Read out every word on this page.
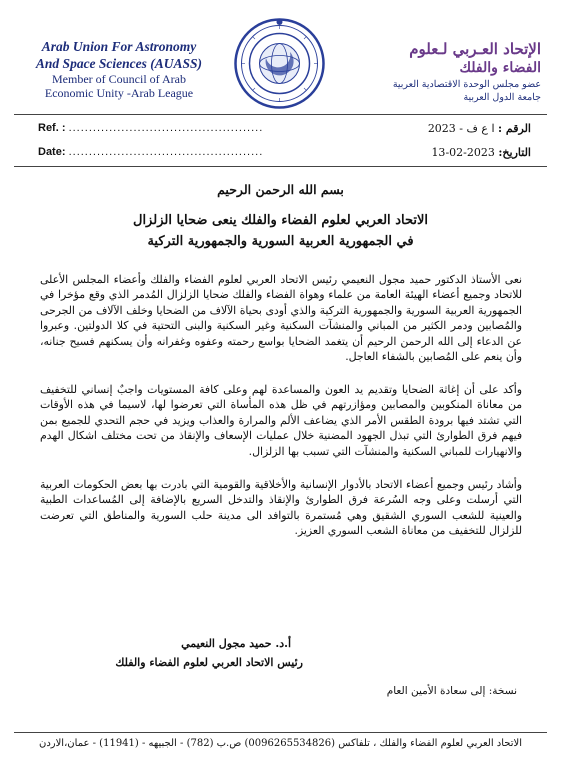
Arab Union For Astronomy
And Space Sciences (AUASS)
Member of Council of Arab
Economic Unity -Arab League
الإتحاد العـربي لـعلوم
الفضاء والفلك
عضو مجلس الوحدة الاقتصادية العربية
جامعة الدول العربية
Ref. : ................................................
Date: ................................................
الرقم : ا ع ف - 2023
التاريخ: 2023-02-13
بسم الله الرحمن الرحيم
الاتحاد العربي لعلوم الفضاء والفلك ينعى ضحايا الزلزال
في الجمهورية العربية السورية والجمهورية التركية
نعى الأستاذ الدكتور حميد مجول النعيمي رئيس الاتحاد العربي لعلوم الفضاء والفلك وأعضاء المجلس الأعلى للاتحاد وجميع أعضاء الهيئة العامة من علماء وهواة الفضاء والفلك ضحايا الزلزال المُدمر الذي وقع مؤخرا في الجمهورية العربية السورية والجمهورية التركية والذي أودى بحياة الآلاف من الضحايا وخلف الآلاف من الجرحى والمُصابين ودمر الكثير من المباني والمنشآت السكنية وغير السكنية والبنى التحتية في كلا الدولتين. وعبروا عن الدعاء إلى الله الرحمن الرحيم أن يتغمد الضحايا بواسع رحمته وعفوه وغفرانه وأن يسكنهم فسيح جنانه، وأن ينعم على المُصابين بالشفاء العاجل.
وأكد على أن إغاثة الضحايا وتقديم يد العون والمساعدة لهم وعلى كافة المستويات واجبٌ إنساني للتخفيف من معاناة المنكوبين والمصابين ومؤازرتهم في ظل هذه المأساة التي تعرضوا لها، لاسيما في هذه الأوقات التي تشتد فيها برودة الطقس الأمر الذي يضاعف الألم والمرارة والعذاب ويزيد في حجم التحدي للجميع بمن فيهم فرق الطوارئ التي تبذل الجهود المضنية خلال عمليات الإسعاف والإنقاذ من تحت مختلف اشكال الهدم والانهيارات للمباني السكنية والمنشآت التي تسبب بها الزلزال.
وأشاد رئيس وجميع أعضاء الاتحاد بالأدوار الإنسانية والأخلاقية والقومية التي بادرت بها بعض الحكومات العربية التي أرسلت وعلى وجه السُرعة فرق الطوارئ والإنقاذ والتدخل السريع بالإضافة إلى المُساعدات الطبية والعينية للشعب السوري الشقيق وهي مُستمرة بالتوافد الى مدينة حلب السورية والمناطق التي تعرضت للزلزال للتخفيف من معاناة الشعب السوري العزيز.
أ.د. حميد مجول النعيمي
رئيس الاتحاد العربي لعلوم الفضاء والفلك
نسخة: إلى سعادة الأمين العام
الاتحاد العربي لعلوم الفضاء والفلك ، تلفاكس (0096265534826) ص.ب (782) - الجبيهه - (11941) - عمان،الاردن
